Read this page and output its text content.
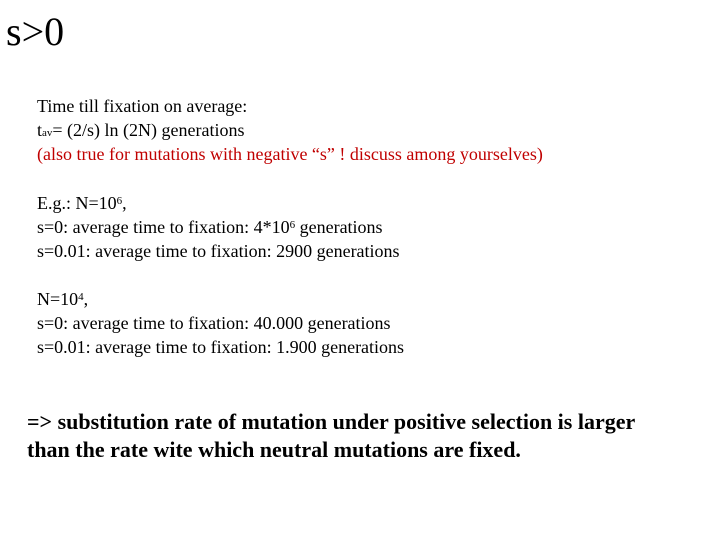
s>0
Time till fixation on average:
$t_{av}= (2/s)$ ln (2N) generations
(also true for mutations with negative “s” ! discuss among yourselves)
E.g.: $N=10^6$,
s=0: average time to fixation: $4*10^6$ generations
s=0.01: average time to fixation: 2900 generations
$N=10^4$,
s=0: average time to fixation: 40.000 generations
s=0.01: average time to fixation: 1.900 generations
=> substitution rate of mutation under positive selection is larger
than the rate wite which neutral mutations are fixed.
